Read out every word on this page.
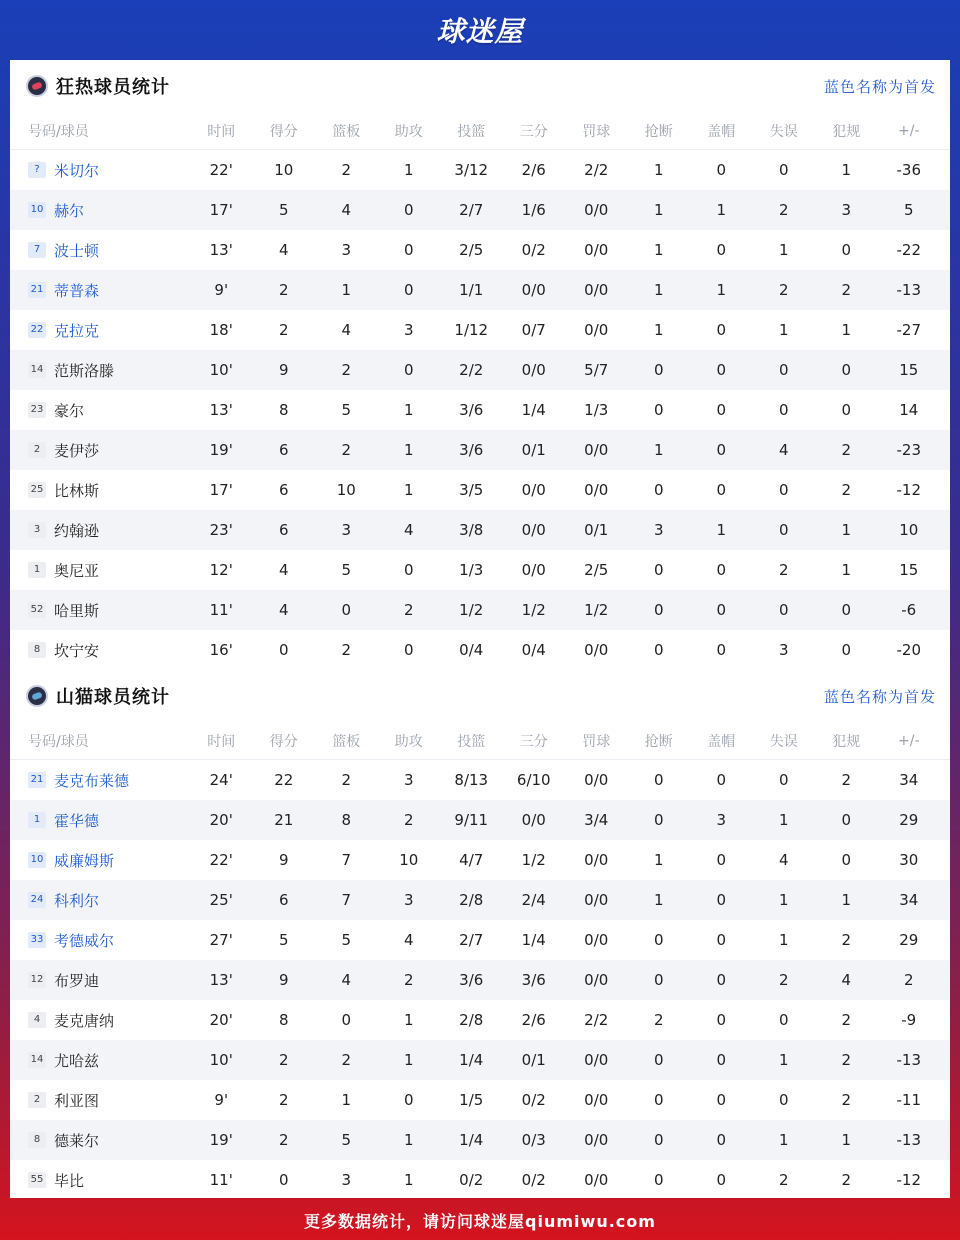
球迷屋
狂热球员统计	蓝色名称为首发
号码/球员	时间	得分	篮板	助攻	投篮	三分	罚球	抢断	盖帽	失误	犯规	+/-
? 米切尔	22'	10	2	1	3/12	2/6	2/2	1	0	0	1	-36
10 赫尔	17'	5	4	0	2/7	1/6	0/0	1	1	2	3	5
7 波士顿	13'	4	3	0	2/5	0/2	0/0	1	0	1	0	-22
21 蒂普森	9'	2	1	0	1/1	0/0	0/0	1	1	2	2	-13
22 克拉克	18'	2	4	3	1/12	0/7	0/0	1	0	1	1	-27
14 范斯洛滕	10'	9	2	0	2/2	0/0	5/7	0	0	0	0	15
23 豪尔	13'	8	5	1	3/6	1/4	1/3	0	0	0	0	14
2 麦伊莎	19'	6	2	1	3/6	0/1	0/0	1	0	4	2	-23
25 比林斯	17'	6	10	1	3/5	0/0	0/0	0	0	0	2	-12
3 约翰逊	23'	6	3	4	3/8	0/0	0/1	3	1	0	1	10
1 奥尼亚	12'	4	5	0	1/3	0/0	2/5	0	0	2	1	15
52 哈里斯	11'	4	0	2	1/2	1/2	1/2	0	0	0	0	-6
8 坎宁安	16'	0	2	0	0/4	0/4	0/0	0	0	3	0	-20
山猫球员统计	蓝色名称为首发
号码/球员	时间	得分	篮板	助攻	投篮	三分	罚球	抢断	盖帽	失误	犯规	+/-
21 麦克布莱德	24'	22	2	3	8/13	6/10	0/0	0	0	0	2	34
1 霍华德	20'	21	8	2	9/11	0/0	3/4	0	3	1	0	29
10 威廉姆斯	22'	9	7	10	4/7	1/2	0/0	1	0	4	0	30
24 科利尔	25'	6	7	3	2/8	2/4	0/0	1	0	1	1	34
33 考德威尔	27'	5	5	4	2/7	1/4	0/0	0	0	1	2	29
12 布罗迪	13'	9	4	2	3/6	3/6	0/0	0	0	2	4	2
4 麦克唐纳	20'	8	0	1	2/8	2/6	2/2	2	0	0	2	-9
14 尤哈兹	10'	2	2	1	1/4	0/1	0/0	0	0	1	2	-13
2 利亚图	9'	2	1	0	1/5	0/2	0/0	0	0	0	2	-11
8 德莱尔	19'	2	5	1	1/4	0/3	0/0	0	0	1	1	-13
55 毕比	11'	0	3	1	0/2	0/2	0/0	0	0	2	2	-12
更多数据统计，请访问球迷屋qiumiwu.com
